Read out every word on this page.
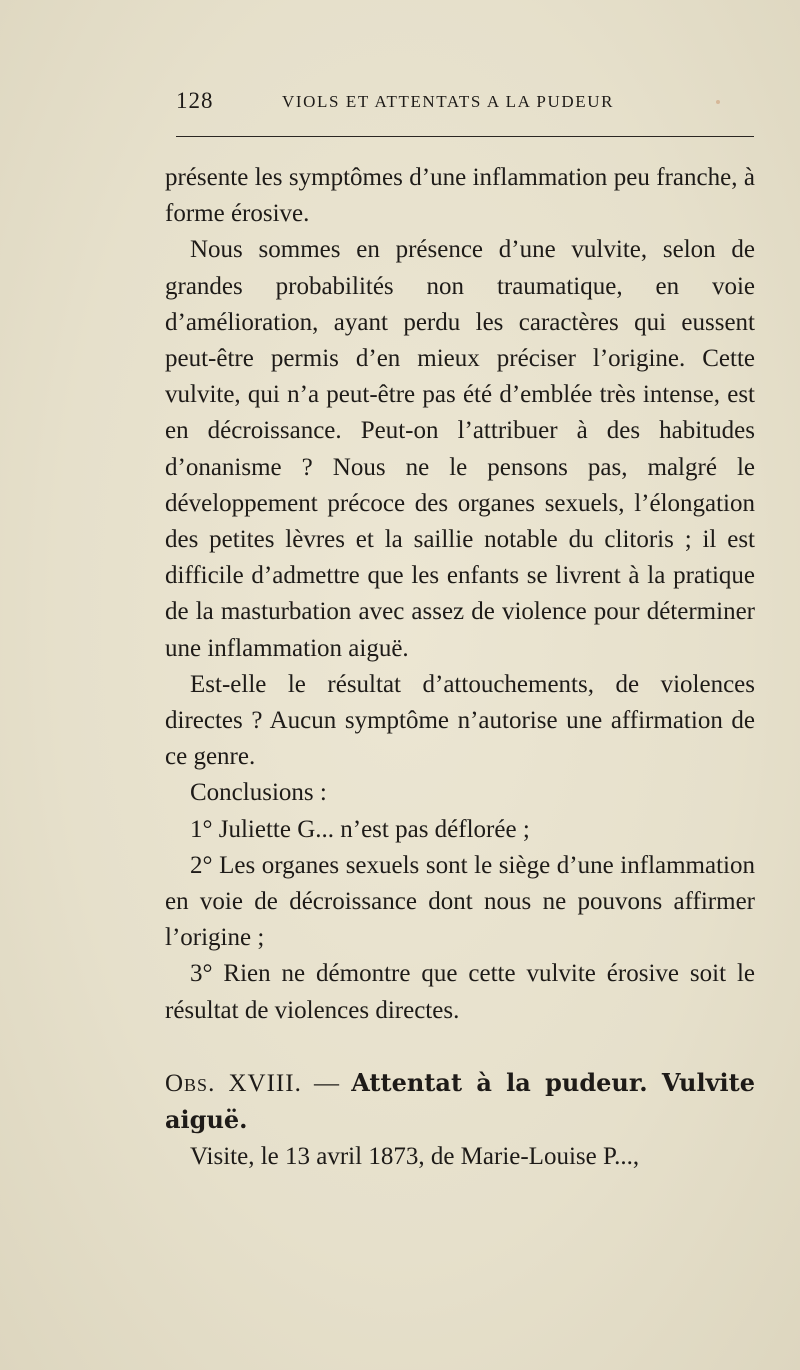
128	VIOLS ET ATTENTATS A LA PUDEUR

présente les symptômes d’une inflammation peu franche, à forme érosive.

Nous sommes en présence d’une vulvite, selon de grandes probabilités non traumatique, en voie d’amélioration, ayant perdu les caractères qui eussent peut-être permis d’en mieux préciser l’origine. Cette vulvite, qui n’a peut-être pas été d’emblée très intense, est en décroissance. Peut-on l’attribuer à des habitudes d’onanisme ? Nous ne le pensons pas, malgré le développement précoce des organes sexuels, l’élongation des petites lèvres et la saillie notable du clitoris ; il est difficile d’admettre que les enfants se livrent à la pratique de la masturbation avec assez de violence pour déterminer une inflammation aiguë.

Est-elle le résultat d’attouchements, de violences directes ? Aucun symptôme n’autorise une affirmation de ce genre.

Conclusions :

1° Juliette G... n’est pas déflorée ;

2° Les organes sexuels sont le siège d’une inflammation en voie de décroissance dont nous ne pouvons affirmer l’origine ;

3° Rien ne démontre que cette vulvite érosive soit le résultat de violences directes.

Obs. XVIII. — Attentat à la pudeur. Vulvite aiguë.

Visite, le 13 avril 1873, de Marie-Louise P...,
